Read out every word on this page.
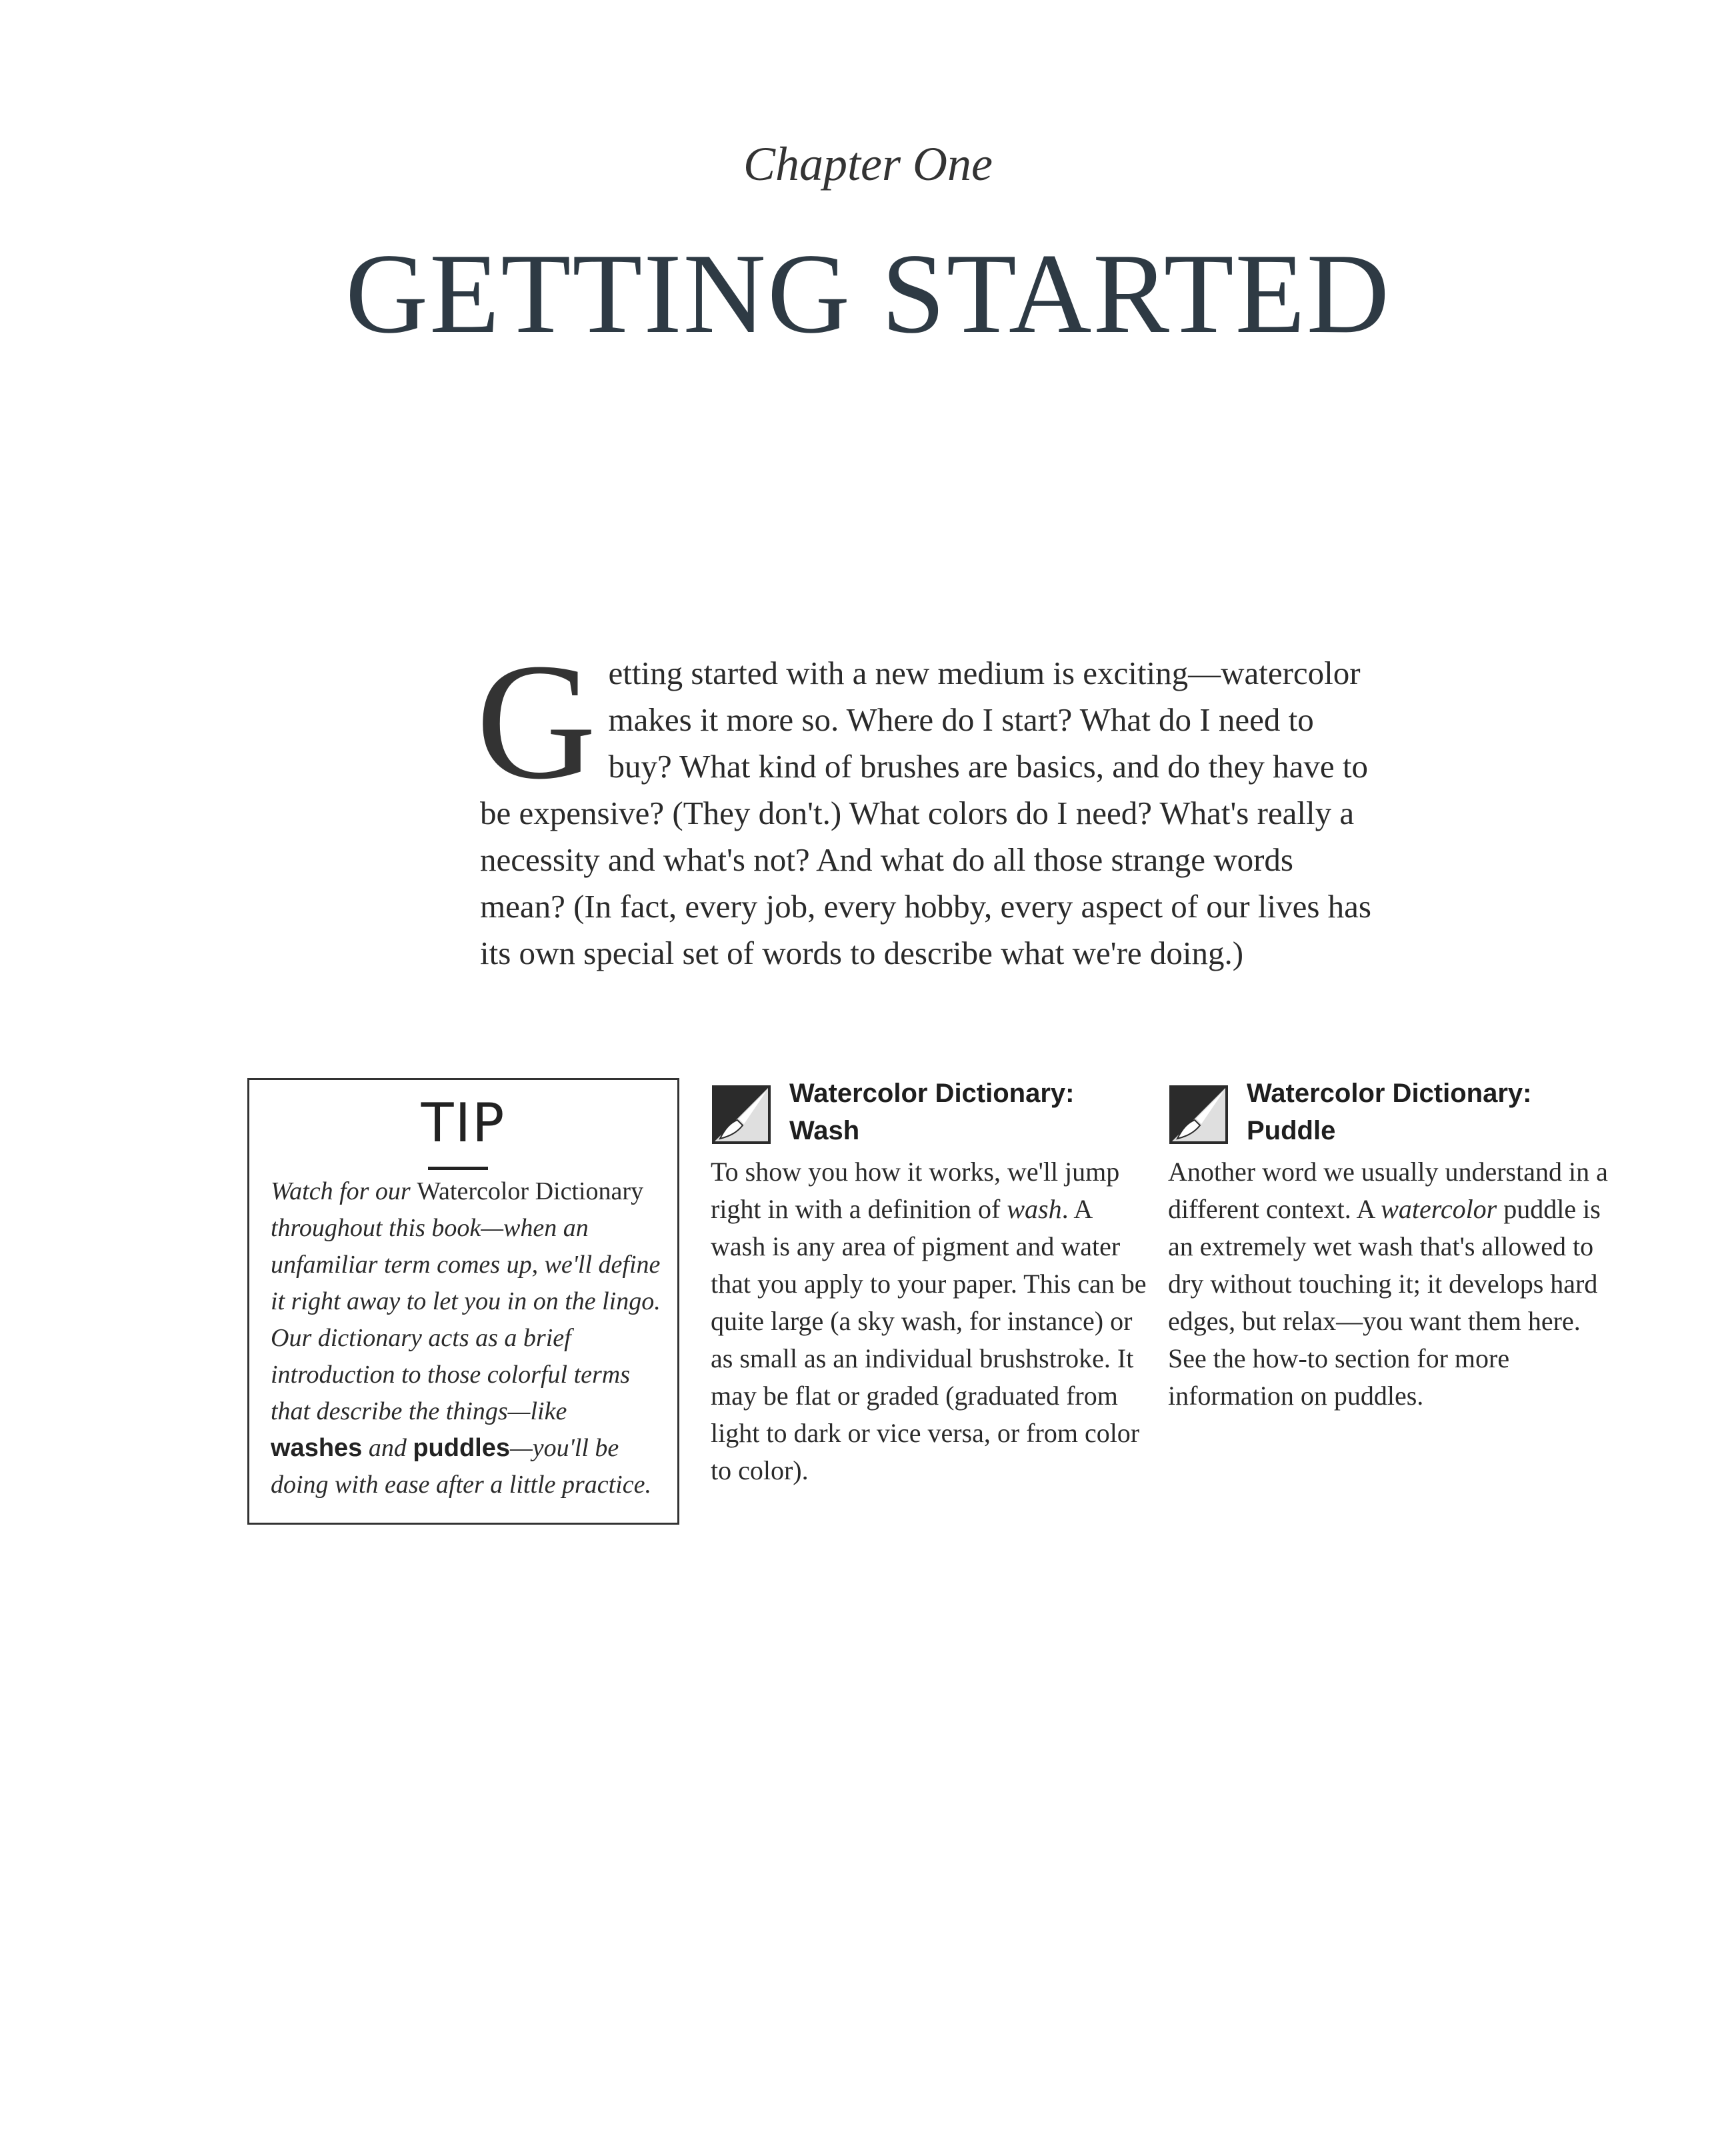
Chapter One
GETTING STARTED
Getting started with a new medium is exciting—watercolor makes it more so. Where do I start? What do I need to buy? What kind of brushes are basics, and do they have to be expensive? (They don't.) What colors do I need? What's really a necessity and what's not? And what do all those strange words mean? (In fact, every job, every hobby, every aspect of our lives has its own special set of words to describe what we're doing.)
TIP
Watch for our Watercolor Dictionary throughout this book—when an unfamiliar term comes up, we'll define it right away to let you in on the lingo. Our dictionary acts as a brief introduction to those colorful terms that describe the things—like washes and puddles—you'll be doing with ease after a little practice.
Watercolor Dictionary:
Wash
To show you how it works, we'll jump right in with a definition of wash. A wash is any area of pigment and water that you apply to your paper. This can be quite large (a sky wash, for instance) or as small as an individual brushstroke. It may be flat or graded (graduated from light to dark or vice versa, or from color to color).
Watercolor Dictionary:
Puddle
Another word we usually understand in a different context. A watercolor puddle is an extremely wet wash that's allowed to dry without touching it; it develops hard edges, but relax—you want them here. See the how-to section for more information on puddles.
